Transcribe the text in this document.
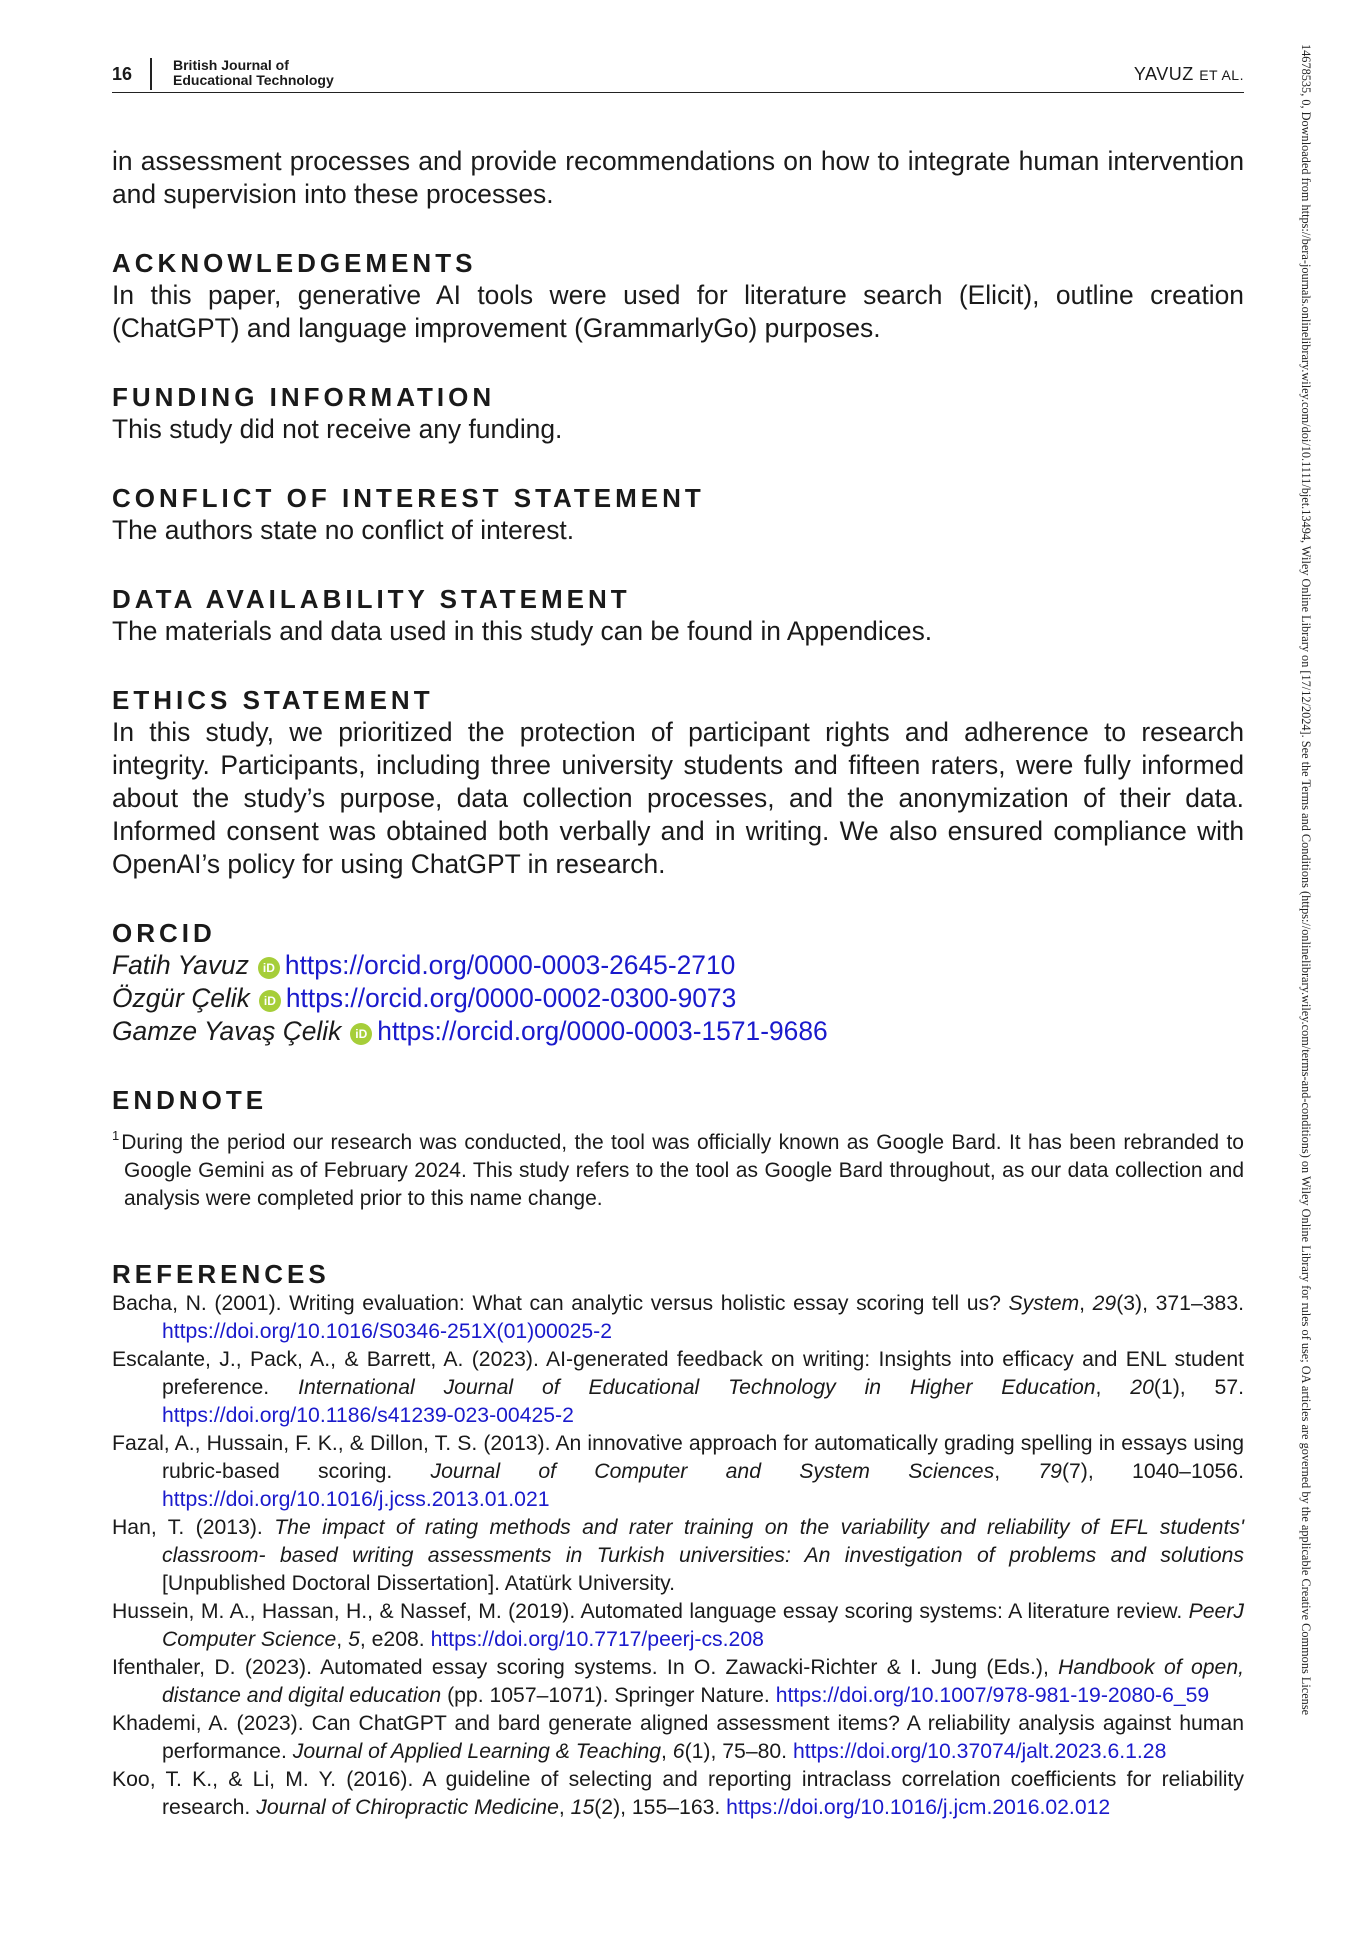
16	British Journal of
Educational Technology	YAVUZ ET AL.	14678535, 0, Downloaded from https://bera-journals.onlinelibrary.wiley.com/doi/10.1111/bjet.13494, Wiley Online Library on [17/12/2024]. See the Terms and Conditions (https://onlinelibrary.wiley.com/terms-and-conditions) on Wiley Online Library for rules of use; OA articles are governed by the applicable Creative Commons License

in assessment processes and provide recommendations on how to integrate human intervention and supervision into these processes.

ACKNOWLEDGEMENTS

In this paper, generative AI tools were used for literature search (Elicit), outline creation (ChatGPT) and language improvement (GrammarlyGo) purposes.

FUNDING INFORMATION

This study did not receive any funding.

CONFLICT OF INTEREST STATEMENT

The authors state no conflict of interest.

DATA AVAILABILITY STATEMENT

The materials and data used in this study can be found in Appendices.

ETHICS STATEMENT

In this study, we prioritized the protection of participant rights and adherence to research integrity. Participants, including three university students and fifteen raters, were fully informed about the study’s purpose, data collection processes, and the anonymization of their data. Informed consent was obtained both verbally and in writing. We also ensured compliance with OpenAI’s policy for using ChatGPT in research.

ORCID
Fatih Yavuz iD https://orcid.org/0000-0003-2645-2710
Özgür Çelik iD https://orcid.org/0000-0002-0300-9073
Gamze Yavaş Çelik iD https://orcid.org/0000-0003-1571-9686
ENDNOTE

$^1$During the period our research was conducted, the tool was officially known as Google Bard. It has been rebranded to Google Gemini as of February 2024. This study refers to the tool as Google Bard throughout, as our data collection and analysis were completed prior to this name change.

REFERENCES

Bacha, N. (2001). Writing evaluation: What can analytic versus holistic essay scoring tell us? System, 29(3), 371–383. https://doi.org/10.1016/S0346-251X(01)00025-2

Escalante, J., Pack, A., & Barrett, A. (2023). AI-generated feedback on writing: Insights into efficacy and ENL student preference. International Journal of Educational Technology in Higher Education, 20(1), 57. https://doi.org/10.1186/s41239-023-00425-2

Fazal, A., Hussain, F. K., & Dillon, T. S. (2013). An innovative approach for automatically grading spelling in essays using rubric-based scoring. Journal of Computer and System Sciences, 79(7), 1040–1056. https://doi.org/10.1016/j.jcss.2013.01.021

Han, T. (2013). The impact of rating methods and rater training on the variability and reliability of EFL students' classroom- based writing assessments in Turkish universities: An investigation of problems and solutions [Unpublished Doctoral Dissertation]. Atatürk University.

Hussein, M. A., Hassan, H., & Nassef, M. (2019). Automated language essay scoring systems: A literature review. PeerJ Computer Science, 5, e208. https://doi.org/10.7717/peerj-cs.208

Ifenthaler, D. (2023). Automated essay scoring systems. In O. Zawacki-Richter & I. Jung (Eds.), Handbook of open, distance and digital education (pp. 1057–1071). Springer Nature. https://doi.org/10.1007/978-981-19-2080-6_59

Khademi, A. (2023). Can ChatGPT and bard generate aligned assessment items? A reliability analysis against human performance. Journal of Applied Learning & Teaching, 6(1), 75–80. https://doi.org/10.37074/jalt.2023.6.1.28

Koo, T. K., & Li, M. Y. (2016). A guideline of selecting and reporting intraclass correlation coefficients for reliability research. Journal of Chiropractic Medicine, 15(2), 155–163. https://doi.org/10.1016/j.jcm.2016.02.012
